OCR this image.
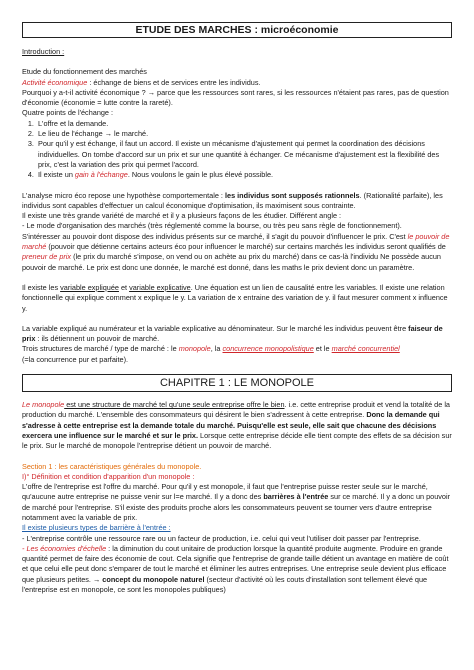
ETUDE DES MARCHES : microéconomie

Introduction :

Etude du fonctionnement des marchés

Activité économique : échange de biens et de services entre les individus.

Pourquoi y a-t-il activité économique ? → parce que les ressources sont rares, si les ressources n'étaient pas rares, pas de question d'économie (économie = lutte contre la rareté).

Quatre points de l'échange :

1. L'offre et la demande.
2. Le lieu de l'échange → le marché.
3. Pour qu'il y est échange, il faut un accord. Il existe un mécanisme d'ajustement qui permet la coordination des décisions individuelles. On tombe d'accord sur un prix et sur une quantité à échanger. Ce mécanisme d'ajustement est la flexibilité des prix, c'est la variation des prix qui permet l'accord.
4. Il existe un gain à l'échange. Nous voulons le gain le plus élevé possible.

L'analyse micro éco repose une hypothèse comportementale : les individus sont supposés rationnels. (Rationalité parfaite), les individus sont capables d'effectuer un calcul économique d'optimisation, ils maximisent sous contrainte.

Il existe une très grande variété de marché et il y a plusieurs façons de les étudier. Différent angle :

- Le mode d'organisation des marchés (très réglementé comme la bourse, ou très peu sans règle de fonctionnement).

S'intéresser au pouvoir dont dispose des individus présents sur ce marché, il s'agit du pouvoir d'influencer le prix. C'est le pouvoir de marché (pouvoir que détienne certains acteurs éco pour influencer le marché) sur certains marchés les individus seront qualifiés de preneur de prix (le prix du marché s'impose, on vend ou on achète au prix du marché) dans ce cas-là l'individu Ne possède aucun pouvoir de marché. Le prix est donc une donnée, le marché est donné, dans les maths le prix devient donc un paramètre.

Il existe les variable expliquée et variable explicative. Une équation est un lien de causalité entre les variables. Il existe une relation fonctionnelle qui explique comment x explique le y. La variation de x entraine des variation de y. il faut mesurer comment x influence y.

La variable expliqué au numérateur et la variable explicative au dénominateur. Sur le marché les individus peuvent être faiseur de prix : ils détiennent un pouvoir de marché.

Trois structures de marché / type de marché : le monopole, la concurrence monopolistique et le marché concurrentiel

(=la concurrence pur et parfaite).

CHAPITRE 1 : LE MONOPOLE

Le monopole est une structure de marché tel qu'une seule entreprise offre le bien. i.e. cette entreprise produit et vend la totalité de la production du marché. L'ensemble des consommateurs qui désirent le bien s'adressent à cette entreprise. Donc la demande qui s'adresse à cette entreprise est la demande totale du marché. Puisqu'elle est seule, elle sait que chacune des décisions exercera une influence sur le marché et sur le prix. Lorsque cette entreprise décide elle tient compte des effets de sa décision sur le prix. Sur le marché de monopole l'entreprise détient un pouvoir de marché.

Section 1 : les caractéristiques générales du monopole.

I)° Définition et condition d'apparition d'un monopole :

L'offre de l'entreprise est l'offre du marché. Pour qu'il y est monopole, il faut que l'entreprise puisse rester seule sur le marché, qu'aucune autre entreprise ne puisse venir sur l=e marché. Il y a donc des barrières à l'entrée sur ce marché. Il y a donc un pouvoir de marché pour l'entreprise. S'il existe des produits proche alors les consommateurs peuvent se tourner vers d'autre entreprise notamment avec la variable de prix.

Il existe plusieurs types de barrière à l'entrée :

- L'entreprise contrôle une ressource rare ou un facteur de production, i.e. celui qui veut l'utiliser doit passer par l'entreprise.

- Les économies d'échelle : la diminution du cout unitaire de production lorsque la quantité produite augmente. Produire en grande quantité permet de faire des économie de cout. Cela signifie que l'entreprise de grande taille détient un avantage en matière de coût et que celui elle peut donc s'emparer de tout le marché et éliminer les autres entreprises. Une entreprise seule devient plus efficace que plusieurs petites. → concept du monopole naturel (secteur d'activité où les couts d'installation sont tellement élevé que l'entreprise est en monopole, ce sont les monopoles publiques)
